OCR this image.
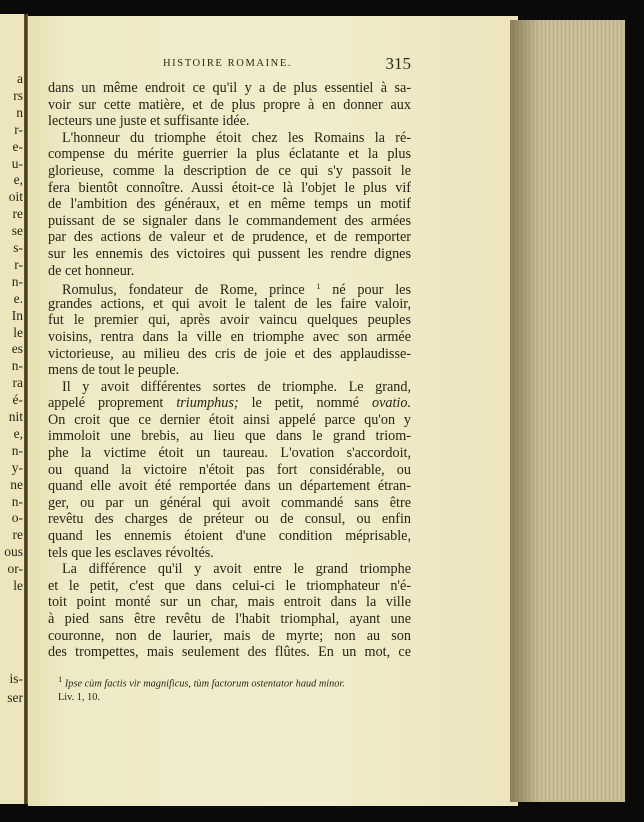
a
rs
n
r-
e-
u-
e,
oit
re
se
s-
r-
n-
e.
In
le
es
n-
ra
é-
nit
e,
n-
y-
ne
n-
o-
re
ous
or-
le
is-
ser
HISTOIRE ROMAINE.	315
dans un même endroit ce qu'il y a de plus essentiel à sa-
voir sur cette matière, et de plus propre à en donner aux
lecteurs une juste et suffisante idée.
L'honneur du triomphe étoit chez les Romains la ré-
compense du mérite guerrier la plus éclatante et la plus
glorieuse, comme la description de ce qui s'y passoit le
fera bientôt connoître. Aussi étoit-ce là l'objet le plus vif
de l'ambition des généraux, et en même temps un motif
puissant de se signaler dans le commandement des armées
par des actions de valeur et de prudence, et de remporter
sur les ennemis des victoires qui pussent les rendre dignes
de cet honneur.
Romulus, fondateur de Rome, prince $^1$ né pour les
grandes actions, et qui avoit le talent de les faire valoir,
fut le premier qui, après avoir vaincu quelques peuples
voisins, rentra dans la ville en triomphe avec son armée
victorieuse, au milieu des cris de joie et des applaudisse-
mens de tout le peuple.
Il y avoit différentes sortes de triomphe. Le grand,
appelé proprement triumphus; le petit, nommé ovatio.
On croit que ce dernier étoit ainsi appelé parce qu'on y
immoloit une brebis, au lieu que dans le grand triom-
phe la victime étoit un taureau. L'ovation s'accordoit,
ou quand la victoire n'étoit pas fort considérable, ou
quand elle avoit été remportée dans un département étran-
ger, ou par un général qui avoit commandé sans être
revêtu des charges de préteur ou de consul, ou enfin
quand les ennemis étoient d'une condition méprisable,
tels que les esclaves révoltés.
La différence qu'il y avoit entre le grand triomphe
et le petit, c'est que dans celui-ci le triomphateur n'é-
toit point monté sur un char, mais entroit dans la ville
à pied sans être revêtu de l'habit triomphal, ayant une
couronne, non de laurier, mais de myrte; non au son
des trompettes, mais seulement des flûtes. En un mot, ce
$^1$ Ipse cùm factis vir magnificus, tùm factorum ostentator haud minor.
Liv. 1, 10.
